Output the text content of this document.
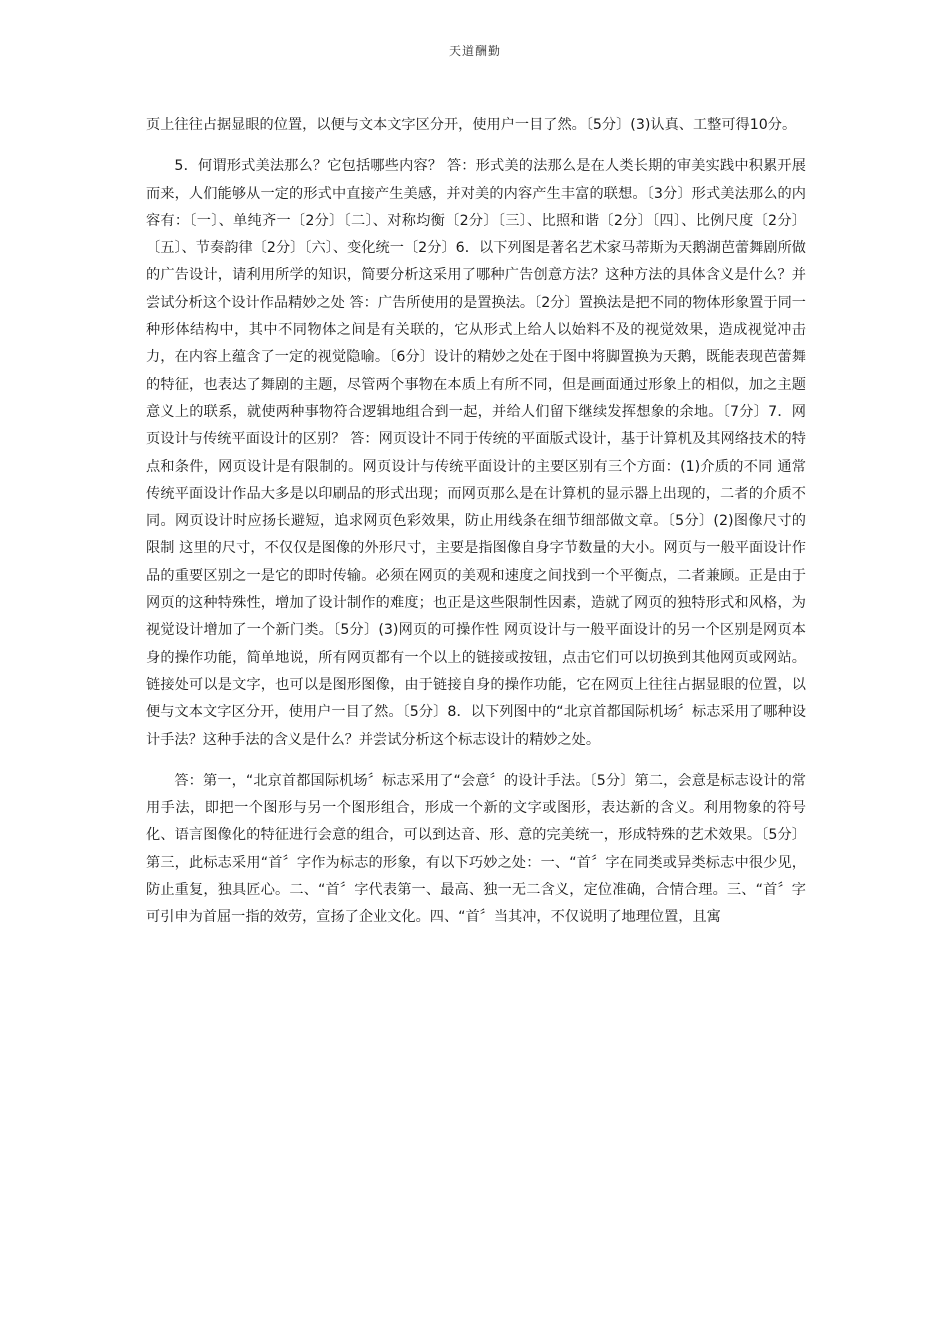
天道酬勤

页上往往占据显眼的位置，以便与文本文字区分开，使用户一目了然。〔5分〕(3)认真、工整可得10分。

5．何谓形式美法那么？它包括哪些内容？ 答：形式美的法那么是在人类长期的审美实践中积累开展而来，人们能够从一定的形式中直接产生美感，并对美的内容产生丰富的联想。〔3分〕形式美法那么的内容有：〔一〕、单纯齐一〔2分〕〔二〕、对称均衡〔2分〕〔三〕、比照和谐〔2分〕〔四〕、比例尺度〔2分〕〔五〕、节奏韵律〔2分〕〔六〕、变化统一〔2分〕6．以下列图是著名艺术家马蒂斯为天鹅湖芭蕾舞剧所做的广告设计，请利用所学的知识，简要分析这采用了哪种广告创意方法？这种方法的具体含义是什么？并尝试分析这个设计作品精妙之处 答：广告所使用的是置换法。〔2分〕置换法是把不同的物体形象置于同一种形体结构中，其中不同物体之间是有关联的，它从形式上给人以始料不及的视觉效果，造成视觉冲击力，在内容上蕴含了一定的视觉隐喻。〔6分〕设计的精妙之处在于图中将脚置换为天鹅，既能表现芭蕾舞的特征，也表达了舞剧的主题，尽管两个事物在本质上有所不同，但是画面通过形象上的相似，加之主题意义上的联系，就使两种事物符合逻辑地组合到一起，并给人们留下继续发挥想象的余地。〔7分〕7．网页设计与传统平面设计的区别？ 答：网页设计不同于传统的平面版式设计，基于计算机及其网络技术的特点和条件，网页设计是有限制的。网页设计与传统平面设计的主要区别有三个方面：(1)介质的不同 通常传统平面设计作品大多是以印刷品的形式出现；而网页那么是在计算机的显示器上出现的，二者的介质不同。网页设计时应扬长避短，追求网页色彩效果，防止用线条在细节细部做文章。〔5分〕(2)图像尺寸的限制 这里的尺寸，不仅仅是图像的外形尺寸，主要是指图像自身字节数量的大小。网页与一般平面设计作品的重要区别之一是它的即时传输。必须在网页的美观和速度之间找到一个平衡点，二者兼顾。正是由于网页的这种特殊性，增加了设计制作的难度；也正是这些限制性因素，造就了网页的独特形式和风格，为视觉设计增加了一个新门类。〔5分〕(3)网页的可操作性 网页设计与一般平面设计的另一个区别是网页本身的操作功能，简单地说，所有网页都有一个以上的链接或按钮，点击它们可以切换到其他网页或网站。链接处可以是文字，也可以是图形图像，由于链接自身的操作功能，它在网页上往往占据显眼的位置，以便与文本文字区分开，使用户一目了然。〔5分〕8．以下列图中的“北京首都国际机场〞标志采用了哪种设计手法？这种手法的含义是什么？并尝试分析这个标志设计的精妙之处。

答：第一，“北京首都国际机场〞标志采用了“会意〞的设计手法。〔5分〕第二，会意是标志设计的常用手法，即把一个图形与另一个图形组合，形成一个新的文字或图形，表达新的含义。利用物象的符号化、语言图像化的特征进行会意的组合，可以到达音、形、意的完美统一，形成特殊的艺术效果。〔5分〕第三，此标志采用“首〞字作为标志的形象，有以下巧妙之处：一、“首〞字在同类或异类标志中很少见，防止重复，独具匠心。二、“首〞字代表第一、最高、独一无二含义，定位准确，合情合理。三、“首〞字可引申为首屈一指的效劳，宣扬了企业文化。四、“首〞当其冲，不仅说明了地理位置，且寓
